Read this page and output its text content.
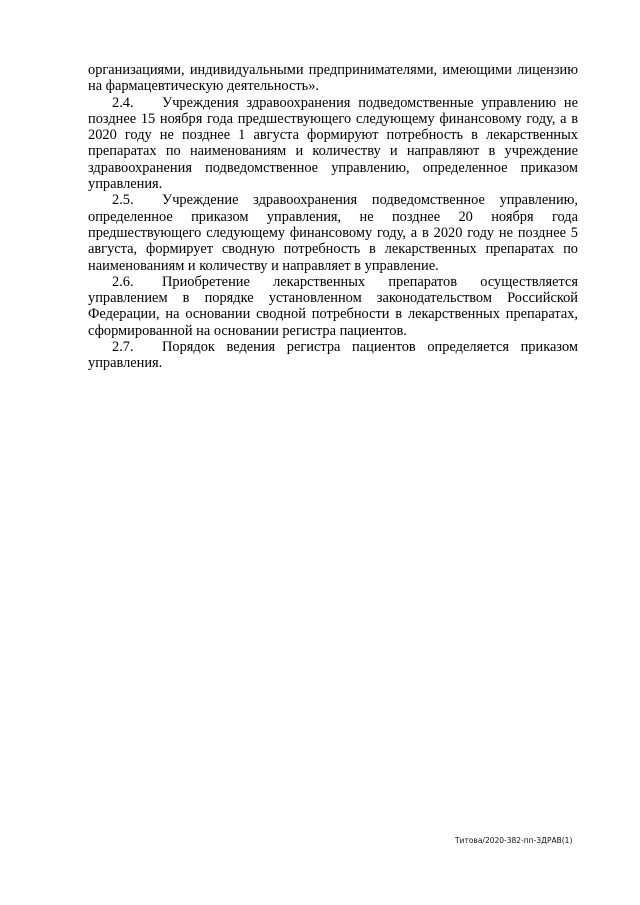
организациями, индивидуальными предпринимателями, имеющими лицензию на фармацевтическую деятельность».

2.4. Учреждения здравоохранения подведомственные управлению не позднее 15 ноября года предшествующего следующему финансовому году, а в 2020 году не позднее 1 августа формируют потребность в лекарственных препаратах по наименованиям и количеству и направляют в учреждение здравоохранения подведомственное управлению, определенное приказом управления.

2.5. Учреждение здравоохранения подведомственное управлению, определенное приказом управления, не позднее 20 ноября года предшествующего следующему финансовому году, а в 2020 году не позднее 5 августа, формирует сводную потребность в лекарственных препаратах по наименованиям и количеству и направляет в управление.

2.6. Приобретение лекарственных препаратов осуществляется управлением в порядке установленном законодательством Российской Федерации, на основании сводной потребности в лекарственных препаратах, сформированной на основании регистра пациентов.

2.7. Порядок ведения регистра пациентов определяется приказом управления.

Титова/2020-382-пп-ЗДРАВ(1)
